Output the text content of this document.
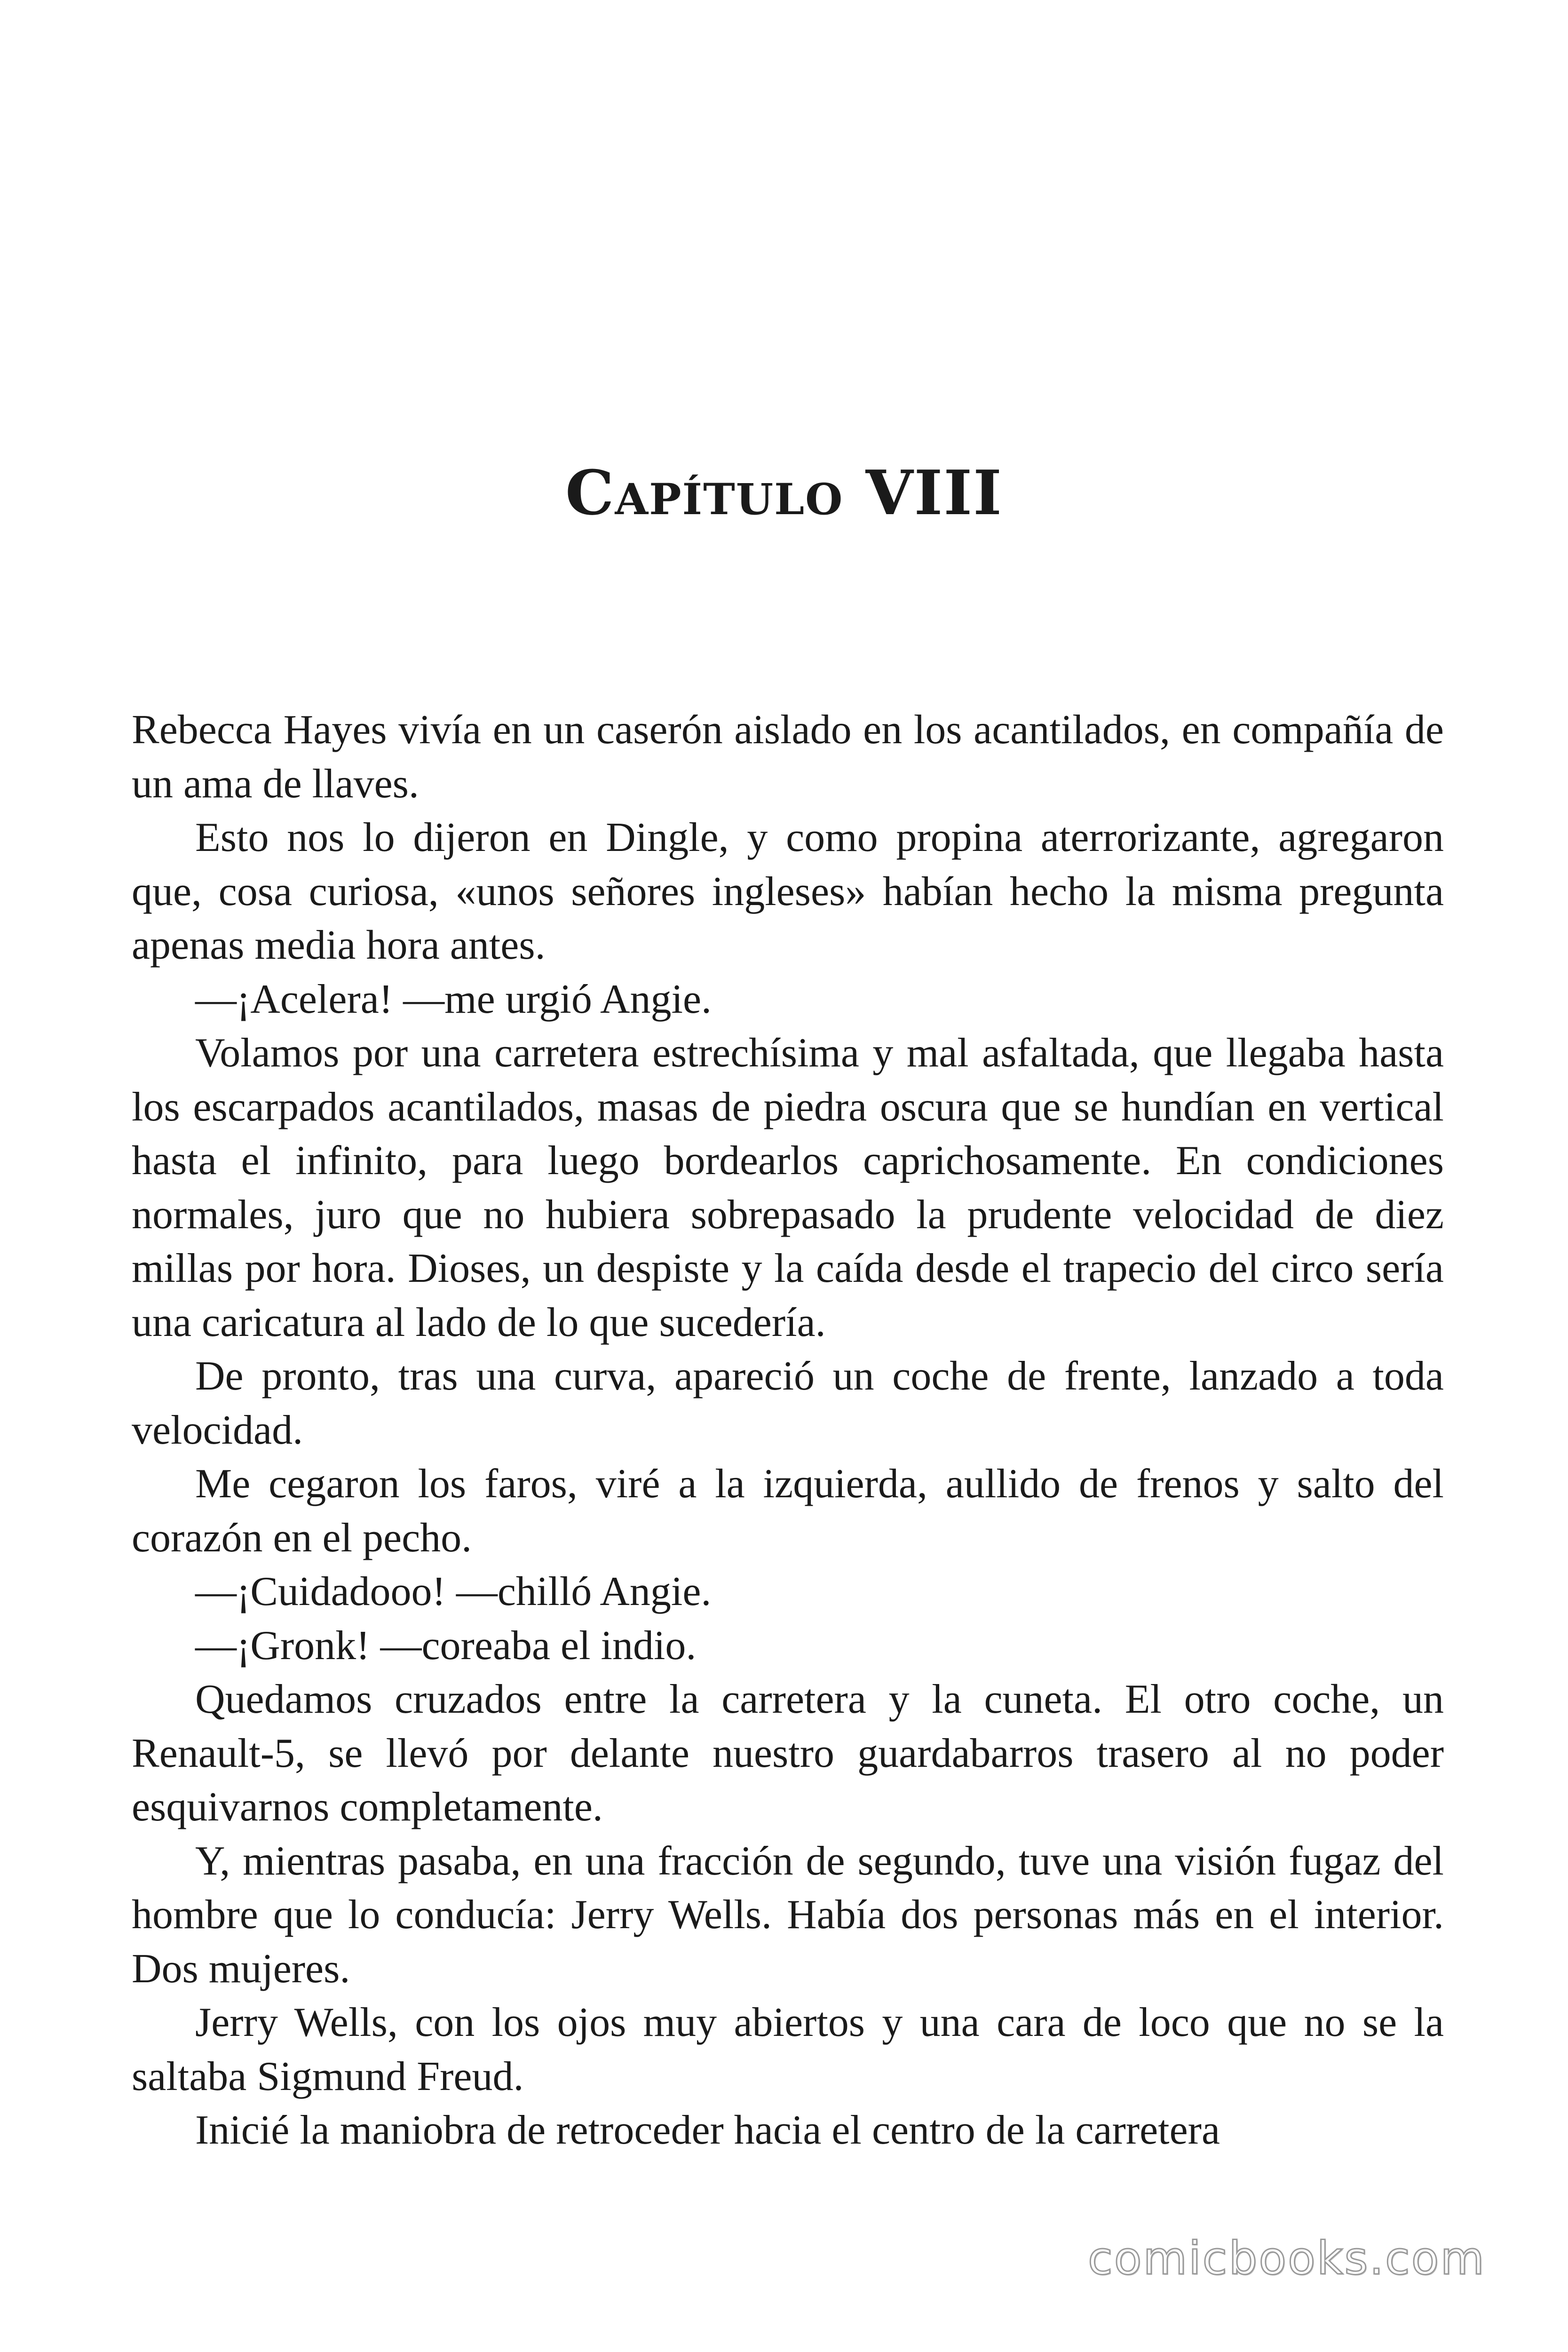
Capítulo VIII

Rebecca Hayes vivía en un caserón aislado en los acantilados, en compañía de un ama de llaves.

Esto nos lo dijeron en Dingle, y como propina aterrorizante, agregaron que, cosa curiosa, «unos señores ingleses» habían hecho la misma pregunta apenas media hora antes.

—¡Acelera! —me urgió Angie.

Volamos por una carretera estrechísima y mal asfaltada, que llegaba hasta los escarpados acantilados, masas de piedra oscura que se hundían en vertical hasta el infinito, para luego bordearlos caprichosamente. En condiciones normales, juro que no hubiera sobrepasado la prudente velocidad de diez millas por hora. Dioses, un despiste y la caída desde el trapecio del circo sería una caricatura al lado de lo que sucedería.

De pronto, tras una curva, apareció un coche de frente, lanzado a toda velocidad.

Me cegaron los faros, viré a la izquierda, aullido de frenos y salto del corazón en el pecho.

—¡Cuidadooo! —chilló Angie.

—¡Gronk! —coreaba el indio.

Quedamos cruzados entre la carretera y la cuneta. El otro coche, un Renault-5, se llevó por delante nuestro guardabarros trasero al no poder esquivarnos completamente.

Y, mientras pasaba, en una fracción de segundo, tuve una visión fugaz del hombre que lo conducía: Jerry Wells. Había dos personas más en el interior. Dos mujeres.

Jerry Wells, con los ojos muy abiertos y una cara de loco que no se la saltaba Sigmund Freud.

Inicié la maniobra de retroceder hacia el centro de la carretera

comicbooks.com
